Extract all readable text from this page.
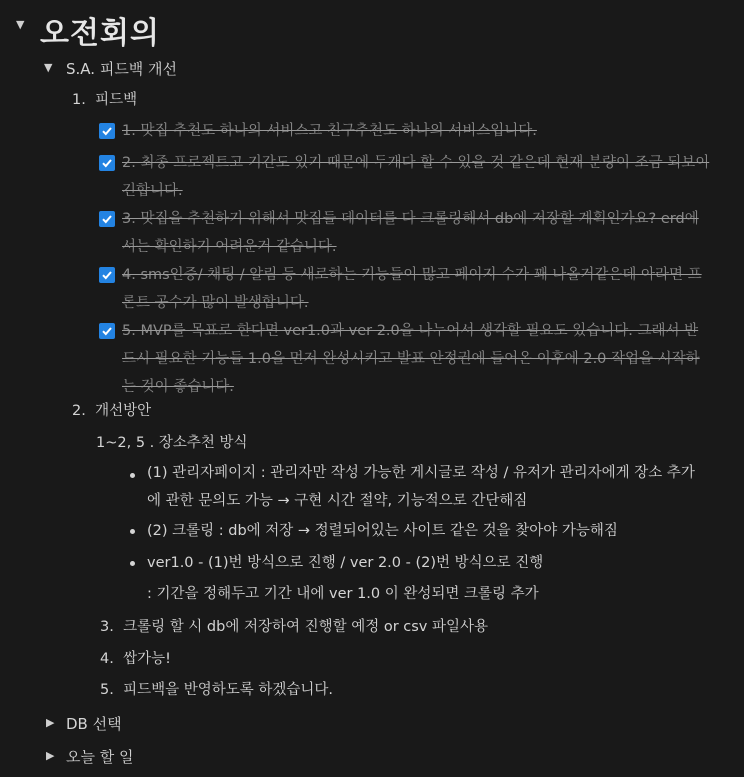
▼ 오전회의
▼ S.A. 피드백 개선
1. 피드백
1. 맛집 추천도 하나의 서비스고 친구추천도 하나의 서비스입니다.
2. 최종 프로젝트고 기간도 있기 때문에 두개다 할 수 있을 것 같은데 현재 분량이 조금 되보이긴합니다.
3. 맛집을 추천하기 위해서 맛집들 데이터를 다 크롤링해서 db에 저장할 계획인가요? erd에서는 확인하기 어려운거 같습니다.
4. sms인증/ 채팅 / 알림 등 새로하는 기능들이 많고 페이지 수가 꽤 나올거같은데 아라면 프론트 공수가 많이 발생합니다.
5. MVP를 목표로 한다면 ver1.0과 ver 2.0을 나누어서 생각할 필요도 있습니다. 그래서 반드시 필요한 기능들 1.0을 먼저 완성시키고 발표 안정권에 들어온 이후에 2.0 작업을 시작하는 것이 좋습니다.
2. 개선방안
1~2, 5 . 장소추천 방식
(1) 관리자페이지 : 관리자만 작성 가능한 게시글로 작성 / 유저가 관리자에게 장소 추가에 관한 문의도 가능 → 구현 시간 절약, 기능적으로 간단해짐
(2) 크롤링 : db에 저장 → 정렬되어있는 사이트 같은 것을 찾아야 가능해짐
ver1.0 - (1)번 방식으로 진행 / ver 2.0 - (2)번 방식으로 진행
: 기간을 정해두고 기간 내에 ver 1.0 이 완성되면 크롤링 추가
3. 크롤링 할 시 db에 저장하여 진행할 예정 or csv 파일사용
4. 쌉가능!
5. 피드백을 반영하도록 하겠습니다.
▶ DB 선택
▶ 오늘 할 일
